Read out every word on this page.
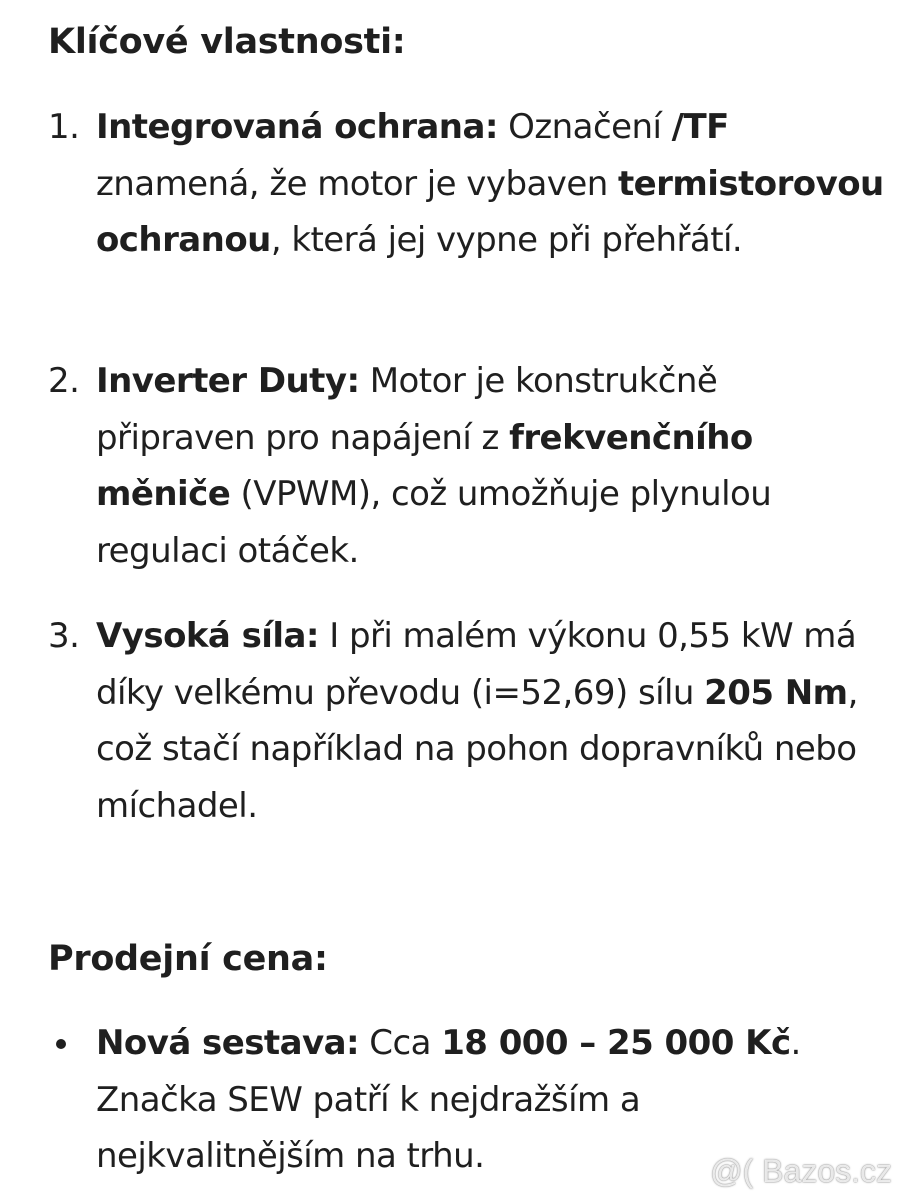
Klíčové vlastnosti:
1. Integrovaná ochrana: Označení /TF znamená, že motor je vybaven termistorovou ochranou, která jej vypne při přehřátí.
2. Inverter Duty: Motor je konstrukčně připraven pro napájení z frekvenčního měniče (VPWM), což umožňuje plynulou regulaci otáček.
3. Vysoká síla: I při malém výkonu 0,55 kW má díky velkému převodu (i=52,69) sílu 205 Nm, což stačí například na pohon dopravníků nebo míchadel.
Prodejní cena:
Nová sestava: Cca 18 000 – 25 000 Kč. Značka SEW patří k nejdražším a nejkvalitnějším na trhu.	@( Bazos.cz
